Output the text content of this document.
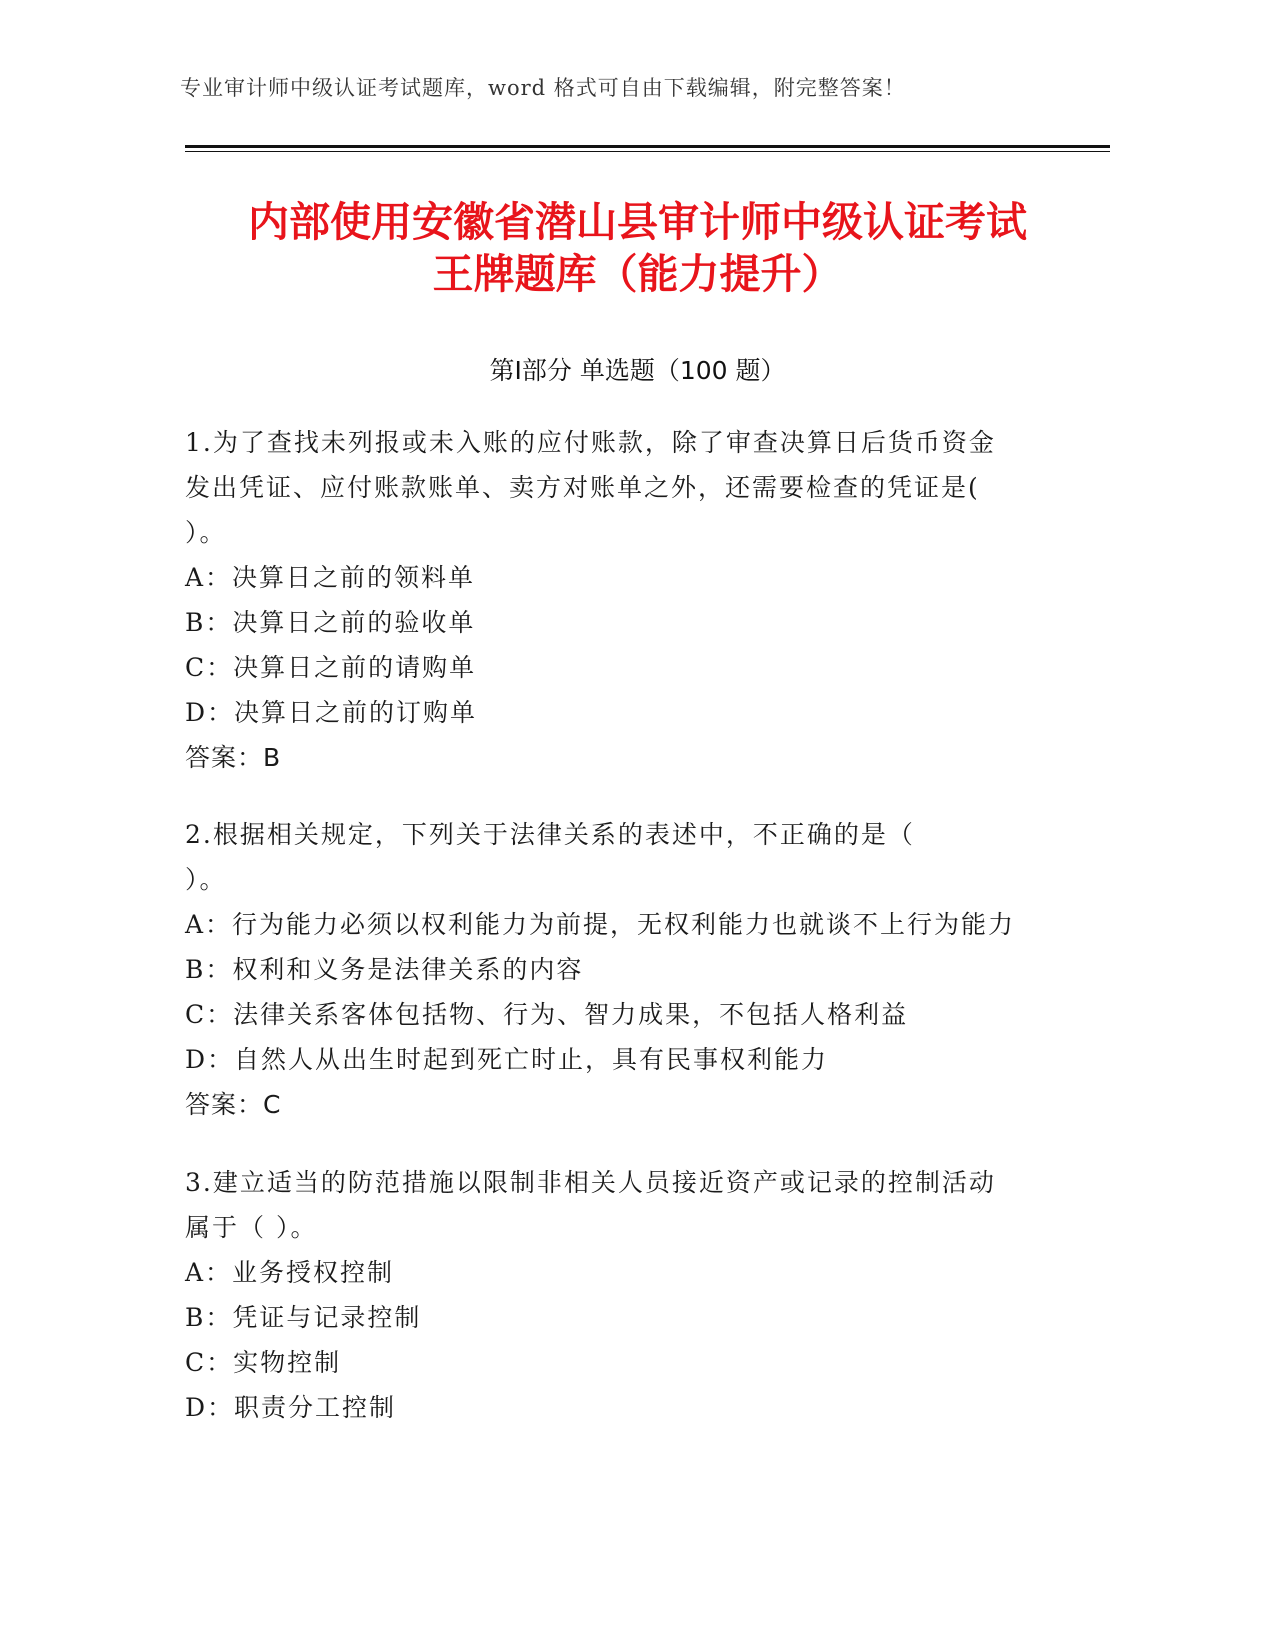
专业审计师中级认证考试题库，word 格式可自由下载编辑，附完整答案！
内部使用安徽省潜山县审计师中级认证考试
王牌题库（能力提升）
第Ⅰ部分 单选题（100 题）

1.为了查找未列报或未入账的应付账款，除了审查决算日后货币资金

发出凭证、应付账款账单、卖方对账单之外，还需要检查的凭证是(

）。

A：决算日之前的领料单

B：决算日之前的验收单

C：决算日之前的请购单

D：决算日之前的订购单

答案：B

2.根据相关规定，下列关于法律关系的表述中，不正确的是（

）。

A：行为能力必须以权利能力为前提，无权利能力也就谈不上行为能力

B：权利和义务是法律关系的内容

C：法律关系客体包括物、行为、智力成果，不包括人格利益

D：自然人从出生时起到死亡时止，具有民事权利能力

答案：C

3.建立适当的防范措施以限制非相关人员接近资产或记录的控制活动

属于（ ）。

A：业务授权控制

B：凭证与记录控制

C：实物控制

D：职责分工控制
